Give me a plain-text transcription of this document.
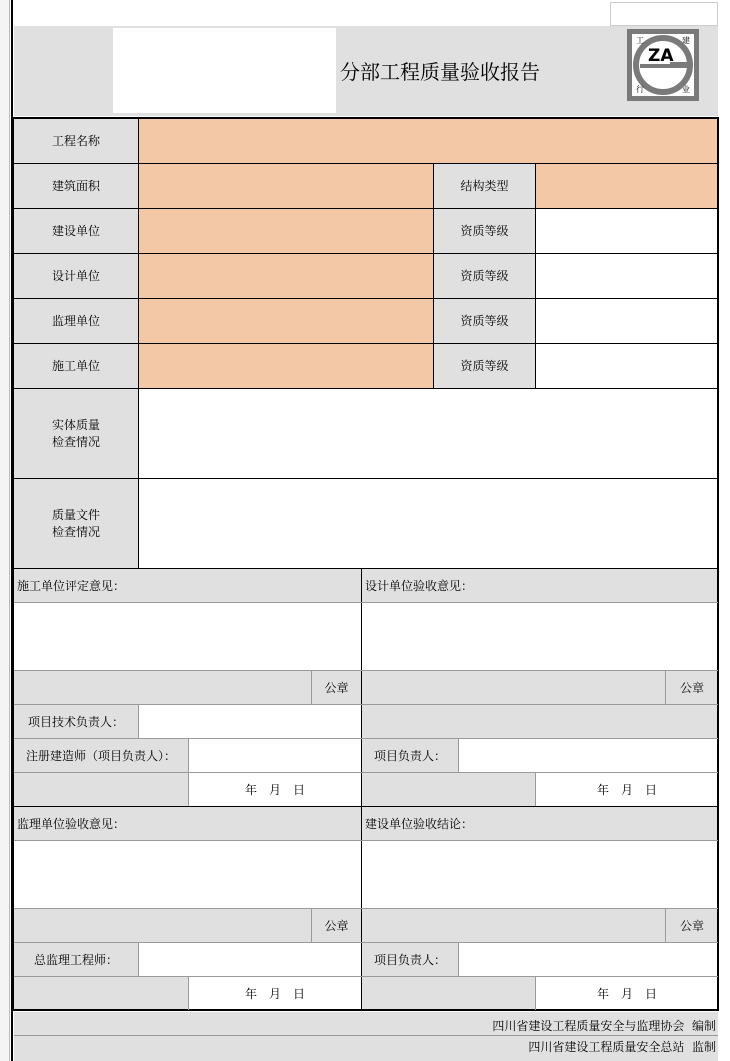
分部工程质量验收报告
ZA
工	建
行	业
工程名称
建筑面积	结构类型
建设单位	资质等级
设计单位	资质等级
监理单位	资质等级
施工单位	资质等级
实体质量
检查情况
质量文件
检查情况
施工单位评定意见：	设计单位验收意见：
公章	公章
项目技术负责人：
注册建造师（项目负责人）：	项目负责人：
年　月　日	年　月　日
监理单位验收意见：	建设单位验收结论：
公章	公章
总监理工程师：	项目负责人：
年　月　日	年　月　日
四川省建设工程质量安全与监理协会  编制
四川省建设工程质量安全总站  监制
